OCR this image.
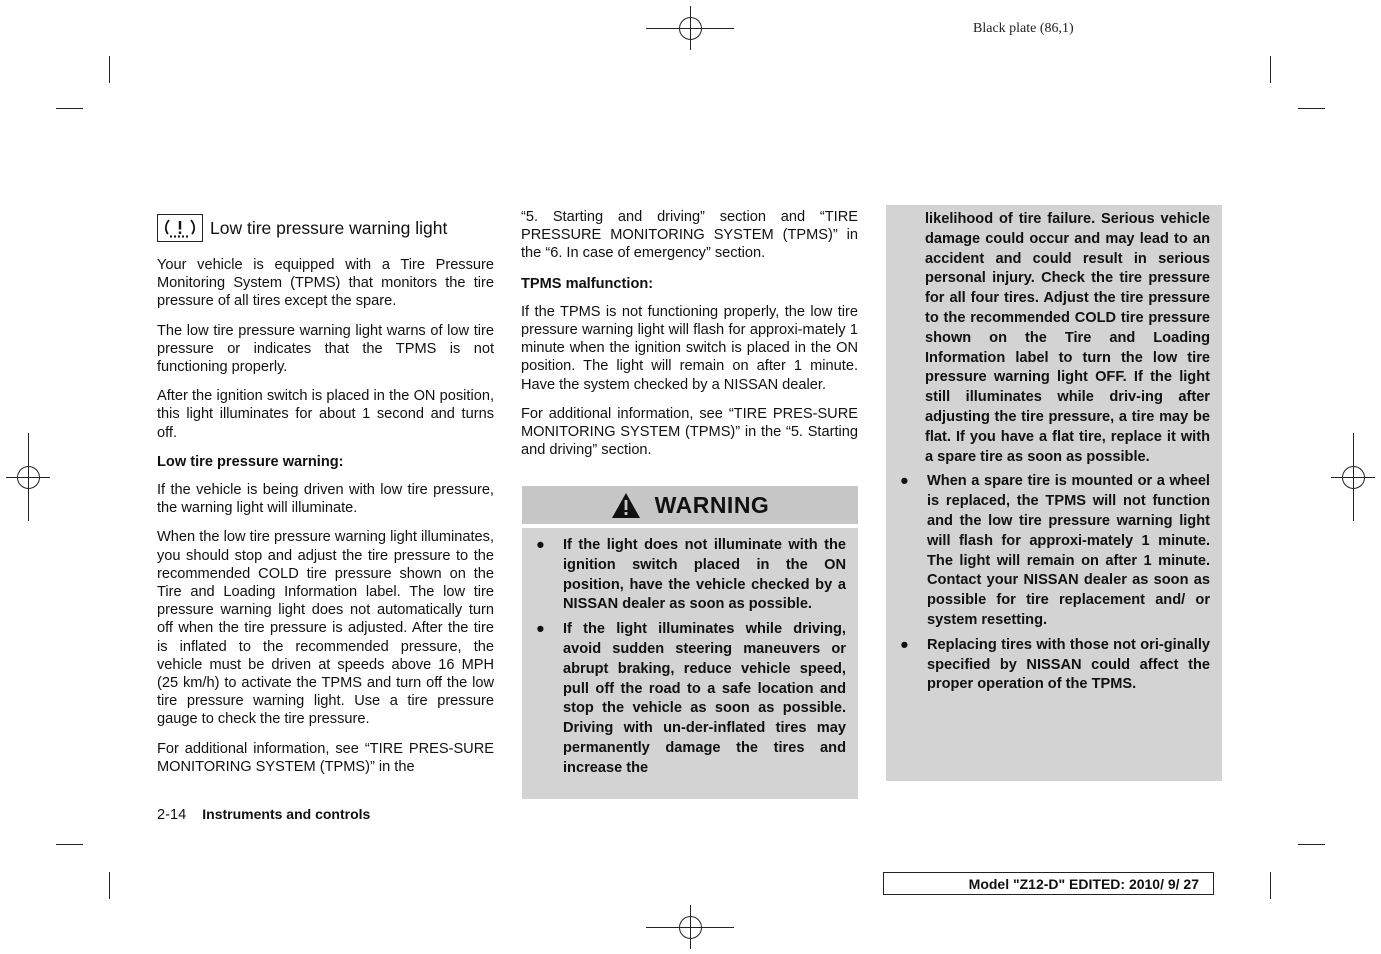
Black plate (86,1)
Low tire pressure warning light

Your vehicle is equipped with a Tire Pressure Monitoring System (TPMS) that monitors the tire pressure of all tires except the spare.

The low tire pressure warning light warns of low tire pressure or indicates that the TPMS is not functioning properly.

After the ignition switch is placed in the ON position, this light illuminates for about 1 second and turns off.

Low tire pressure warning:

If the vehicle is being driven with low tire pressure, the warning light will illuminate.

When the low tire pressure warning light illuminates, you should stop and adjust the tire pressure to the recommended COLD tire pressure shown on the Tire and Loading Information label. The low tire pressure warning light does not automatically turn off when the tire pressure is adjusted. After the tire is inflated to the recommended pressure, the vehicle must be driven at speeds above 16 MPH (25 km/h) to activate the TPMS and turn off the low tire pressure warning light. Use a tire pressure gauge to check the tire pressure.

For additional information, see “TIRE PRES-SURE MONITORING SYSTEM (TPMS)” in the

“5. Starting and driving” section and “TIRE PRESSURE MONITORING SYSTEM (TPMS)” in the “6. In case of emergency” section.

TPMS malfunction:

If the TPMS is not functioning properly, the low tire pressure warning light will flash for approxi-mately 1 minute when the ignition switch is placed in the ON position. The light will remain on after 1 minute. Have the system checked by a NISSAN dealer.

For additional information, see “TIRE PRES-SURE MONITORING SYSTEM (TPMS)” in the “5. Starting and driving” section.

WARNING
●	If the light does not illuminate with the ignition switch placed in the ON position, have the vehicle checked by a NISSAN dealer as soon as possible.
●	If the light illuminates while driving, avoid sudden steering maneuvers or abrupt braking, reduce vehicle speed, pull off the road to a safe location and stop the vehicle as soon as possible. Driving with un-der-inflated tires may permanently damage the tires and increase the
likelihood of tire failure. Serious vehicle damage could occur and may lead to an accident and could result in serious personal injury. Check the tire pressure for all four tires. Adjust the tire pressure to the recommended COLD tire pressure shown on the Tire and Loading Information label to turn the low tire pressure warning light OFF. If the light still illuminates while driv-ing after adjusting the tire pressure, a tire may be flat. If you have a flat tire, replace it with a spare tire as soon as possible.
●	When a spare tire is mounted or a wheel is replaced, the TPMS will not function and the low tire pressure warning light will flash for approxi-mately 1 minute. The light will remain on after 1 minute. Contact your NISSAN dealer as soon as possible for tire replacement and/ or system resetting.
●	Replacing tires with those not ori-ginally specified by NISSAN could affect the proper operation of the TPMS.
2-14 Instruments and controls
Model "Z12-D" EDITED: 2010/ 9/ 27
